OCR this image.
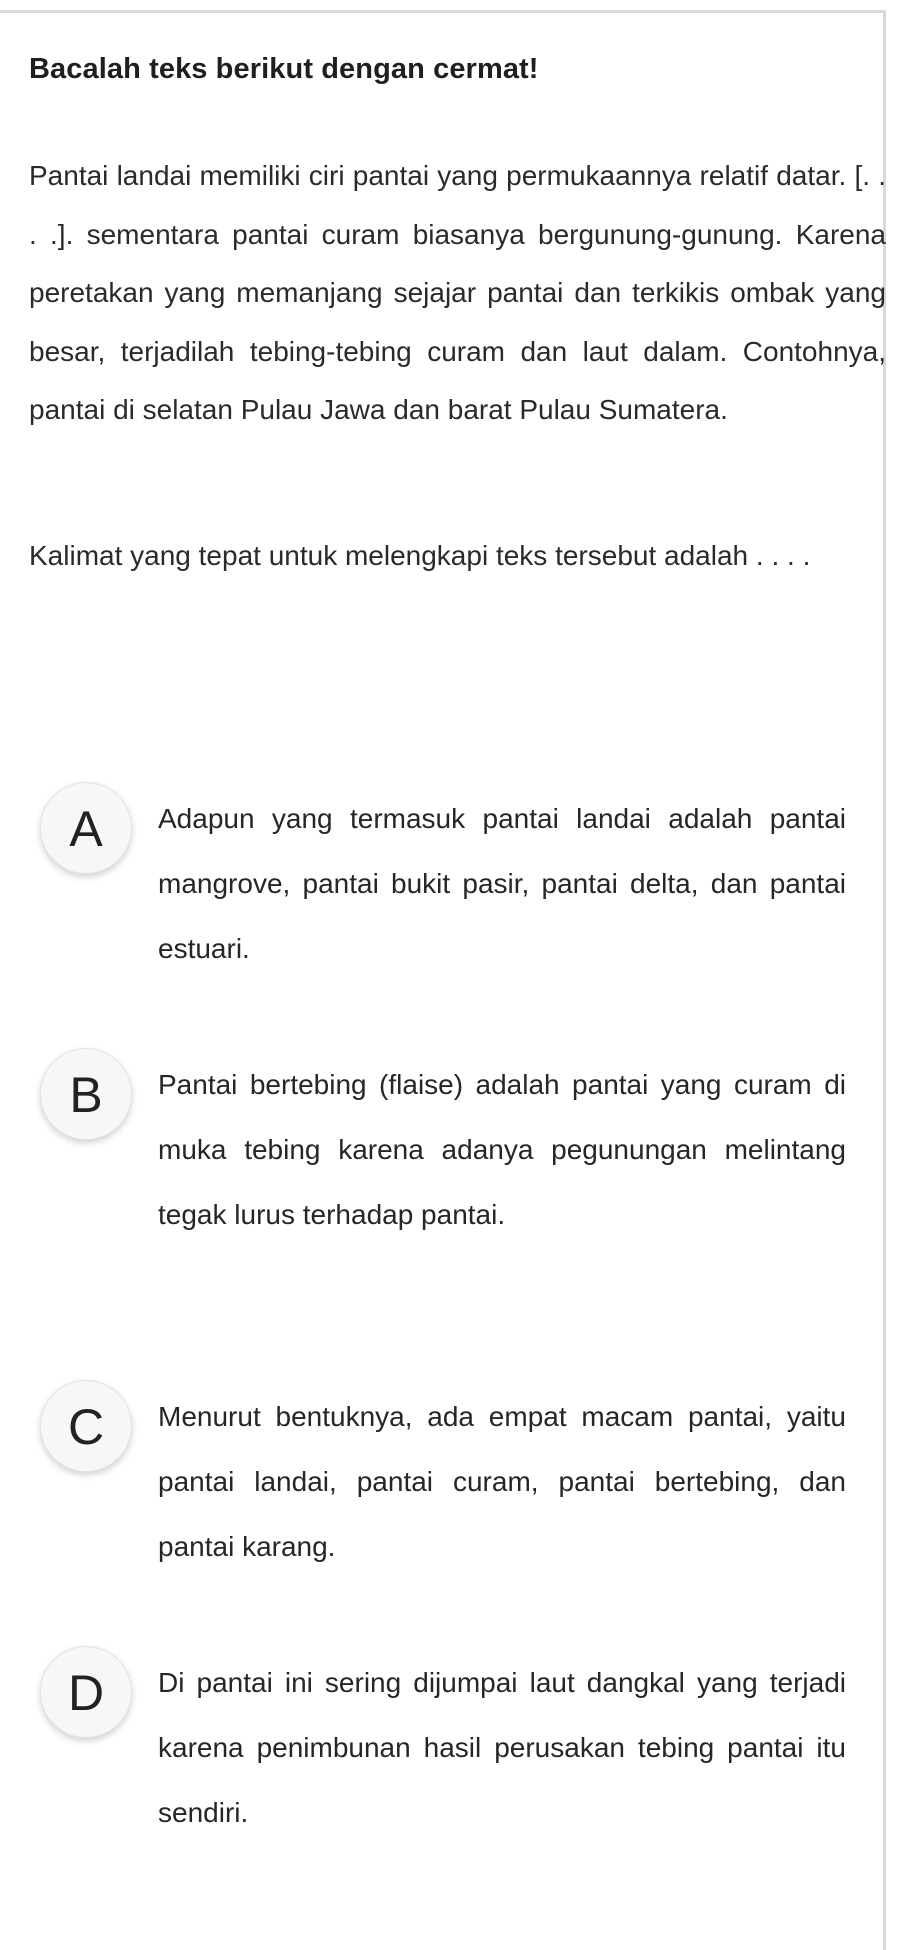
Bacalah teks berikut dengan cermat!

Pantai landai memiliki ciri pantai yang permukaannya relatif datar. [. . . .]. sementara pantai curam biasanya bergunung-gunung. Karena peretakan yang memanjang sejajar pantai dan terkikis ombak yang besar, terjadilah tebing-tebing curam dan laut dalam. Contohnya, pantai di selatan Pulau Jawa dan barat Pulau Sumatera.

Kalimat yang tepat untuk melengkapi teks tersebut adalah . . . .

A	Adapun yang termasuk pantai landai adalah pantai mangrove, pantai bukit pasir, pantai delta, dan pantai estuari.

B	Pantai bertebing (flaise) adalah pantai yang curam di muka tebing karena adanya pegunungan melintang tegak lurus terhadap pantai.

C	Menurut bentuknya, ada empat macam pantai, yaitu pantai landai, pantai curam, pantai bertebing, dan pantai karang.

D	Di pantai ini sering dijumpai laut dangkal yang terjadi karena penimbunan hasil perusakan tebing pantai itu sendiri.
